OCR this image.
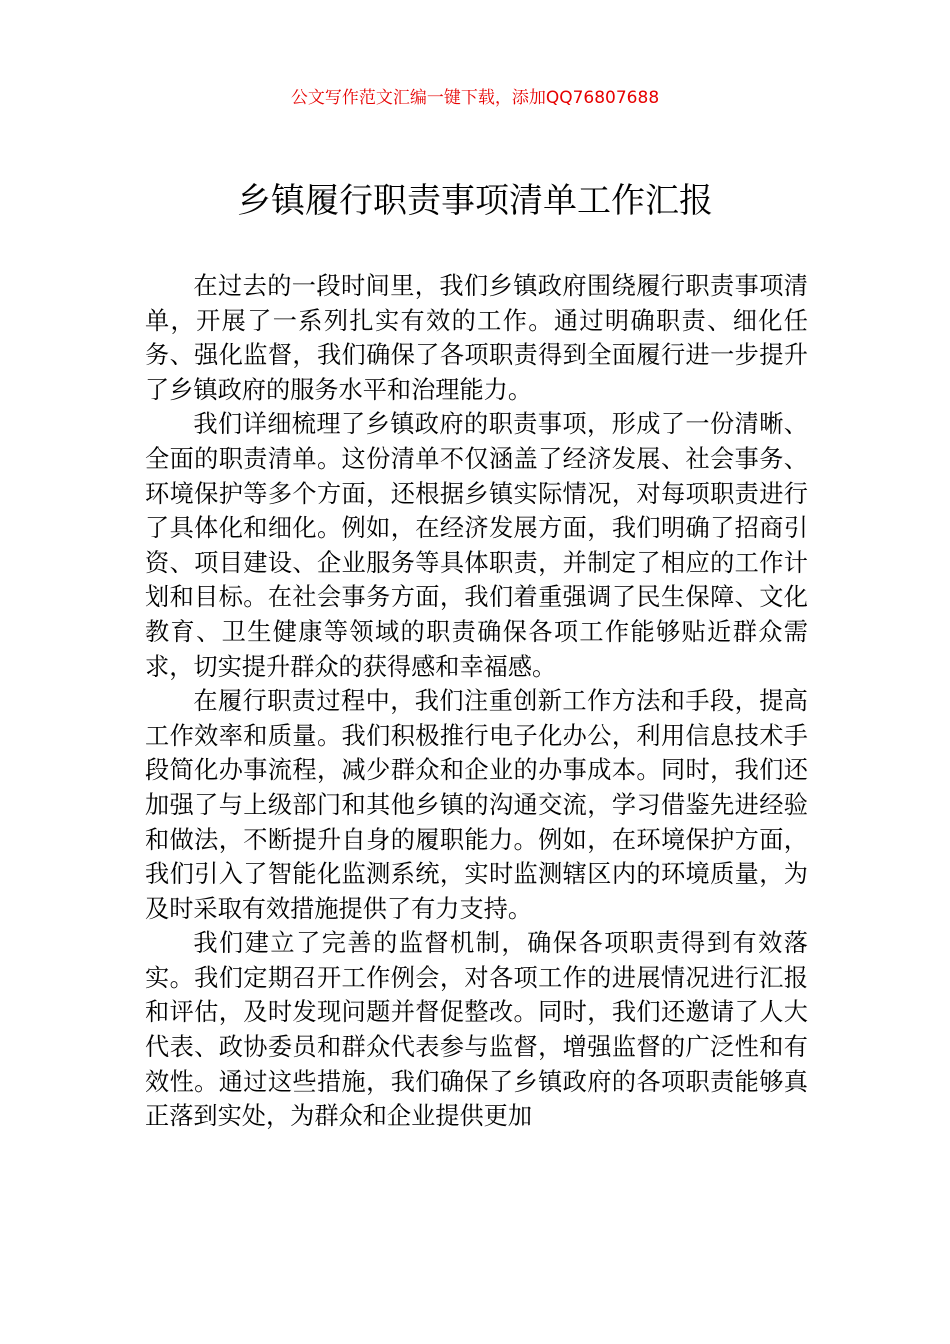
公文写作范文汇编一键下载，添加QQ76807688
乡镇履行职责事项清单工作汇报

在过去的一段时间里，我们乡镇政府围绕履行职责事项清单，开展了一系列扎实有效的工作。通过明确职责、细化任务、强化监督，我们确保了各项职责得到全面履行进一步提升了乡镇政府的服务水平和治理能力。

我们详细梳理了乡镇政府的职责事项，形成了一份清晰、全面的职责清单。这份清单不仅涵盖了经济发展、社会事务、环境保护等多个方面，还根据乡镇实际情况，对每项职责进行了具体化和细化。例如，在经济发展方面，我们明确了招商引资、项目建设、企业服务等具体职责，并制定了相应的工作计划和目标。在社会事务方面，我们着重强调了民生保障、文化教育、卫生健康等领域的职责确保各项工作能够贴近群众需求，切实提升群众的获得感和幸福感。

在履行职责过程中，我们注重创新工作方法和手段，提高工作效率和质量。我们积极推行电子化办公，利用信息技术手段简化办事流程，减少群众和企业的办事成本。同时，我们还加强了与上级部门和其他乡镇的沟通交流，学习借鉴先进经验和做法，不断提升自身的履职能力。例如，在环境保护方面，我们引入了智能化监测系统，实时监测辖区内的环境质量，为及时采取有效措施提供了有力支持。

我们建立了完善的监督机制，确保各项职责得到有效落实。我们定期召开工作例会，对各项工作的进展情况进行汇报和评估，及时发现问题并督促整改。同时，我们还邀请了人大代表、政协委员和群众代表参与监督，增强监督的广泛性和有效性。通过这些措施，我们确保了乡镇政府的各项职责能够真正落到实处，为群众和企业提供更加
